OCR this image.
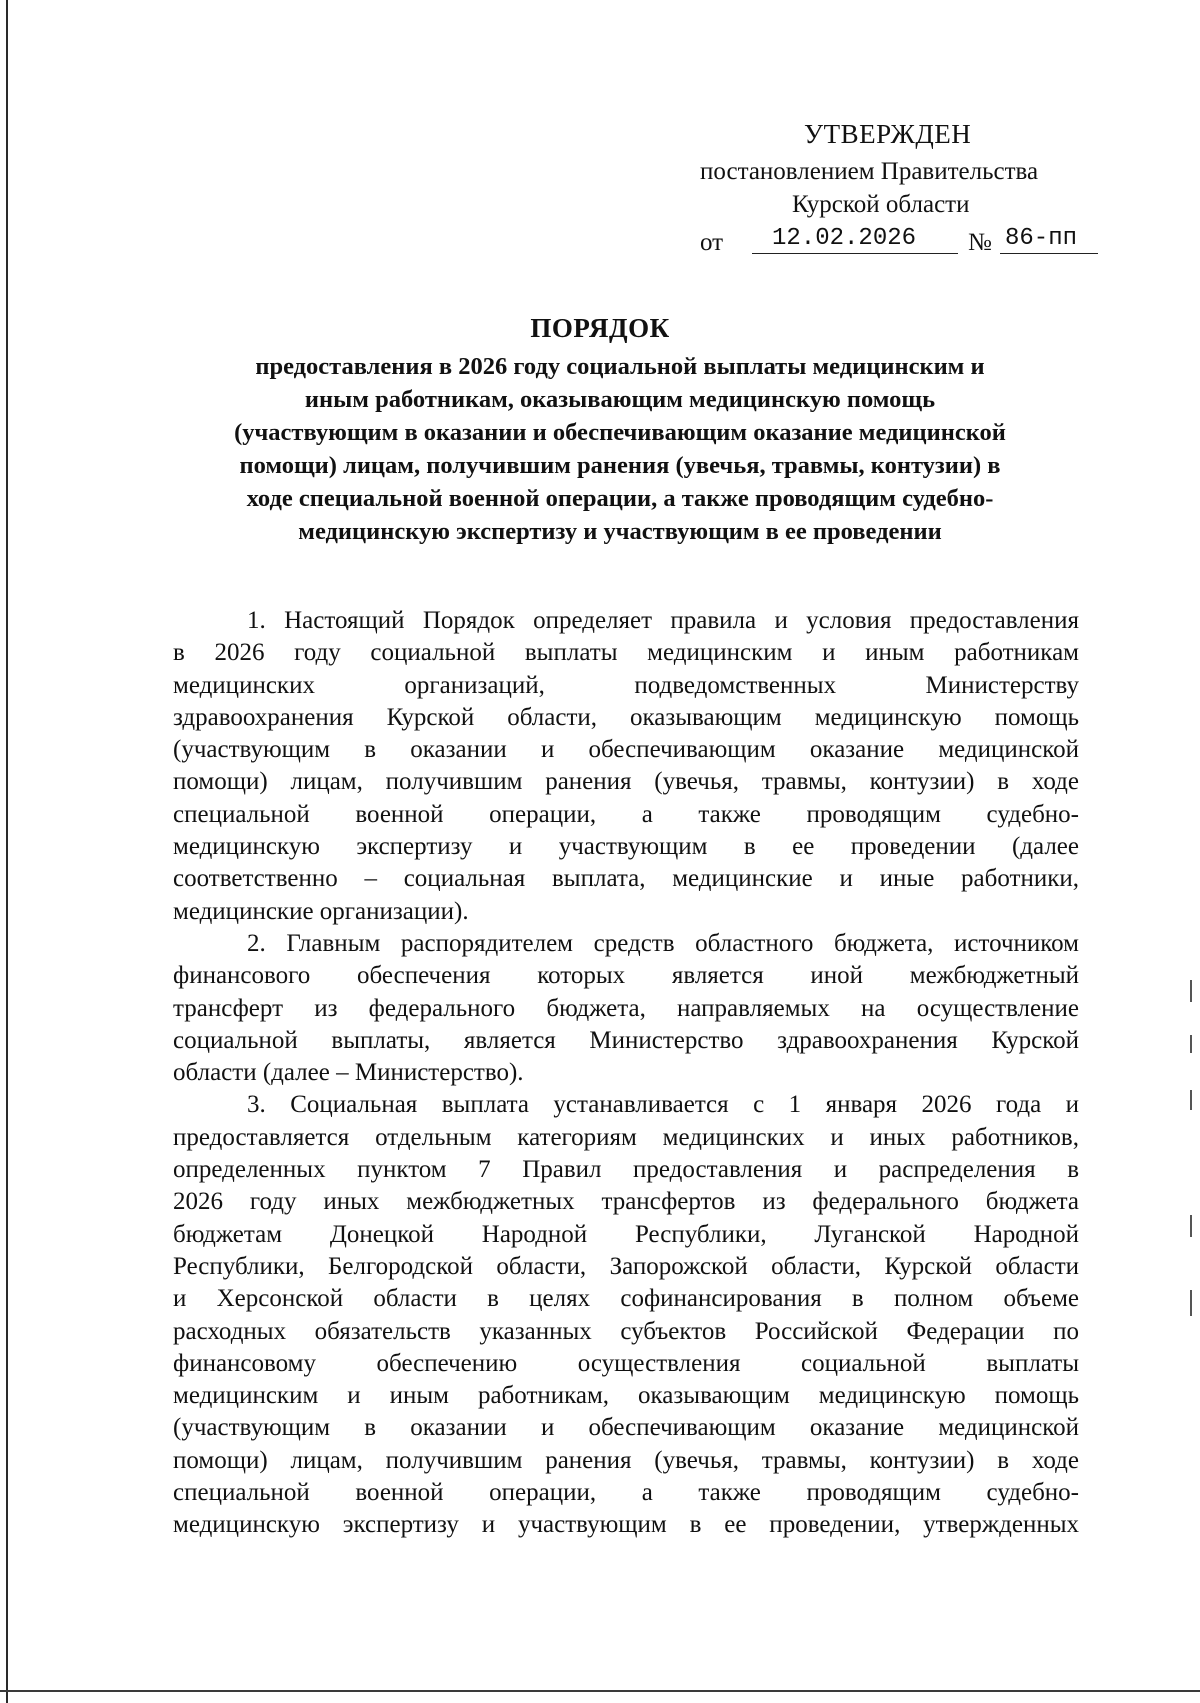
УТВЕРЖДЕН
постановлением Правительства
Курской области
от 12.02.2026 № 86-пп
ПОРЯДОК
предоставления в 2026 году социальной выплаты медицинским и
иным работникам, оказывающим медицинскую помощь
(участвующим в оказании и обеспечивающим оказание медицинской
помощи) лицам, получившим ранения (увечья, травмы, контузии) в
ходе специальной военной операции, а также проводящим судебно-
медицинскую экспертизу и участвующим в ее проведении
1. Настоящий Порядок определяет правила и условия предоставления
в 2026 году социальной выплаты медицинским и иным работникам
медицинских организаций, подведомственных Министерству
здравоохранения Курской области, оказывающим медицинскую помощь
(участвующим в оказании и обеспечивающим оказание медицинской
помощи) лицам, получившим ранения (увечья, травмы, контузии) в ходе
специальной военной операции, а также проводящим судебно-
медицинскую экспертизу и участвующим в ее проведении (далее
соответственно – социальная выплата, медицинские и иные работники,
медицинские организации).
2. Главным распорядителем средств областного бюджета, источником
финансового обеспечения которых является иной межбюджетный
трансферт из федерального бюджета, направляемых на осуществление
социальной выплаты, является Министерство здравоохранения Курской
области (далее – Министерство).
3. Социальная выплата устанавливается с 1 января 2026 года и
предоставляется отдельным категориям медицинских и иных работников,
определенных пунктом 7 Правил предоставления и распределения в
2026 году иных межбюджетных трансфертов из федерального бюджета
бюджетам Донецкой Народной Республики, Луганской Народной
Республики, Белгородской области, Запорожской области, Курской области
и Херсонской области в целях софинансирования в полном объеме
расходных обязательств указанных субъектов Российской Федерации по
финансовому обеспечению осуществления социальной выплаты
медицинским и иным работникам, оказывающим медицинскую помощь
(участвующим в оказании и обеспечивающим оказание медицинской
помощи) лицам, получившим ранения (увечья, травмы, контузии) в ходе
специальной военной операции, а также проводящим судебно-
медицинскую экспертизу и участвующим в ее проведении, утвержденных
